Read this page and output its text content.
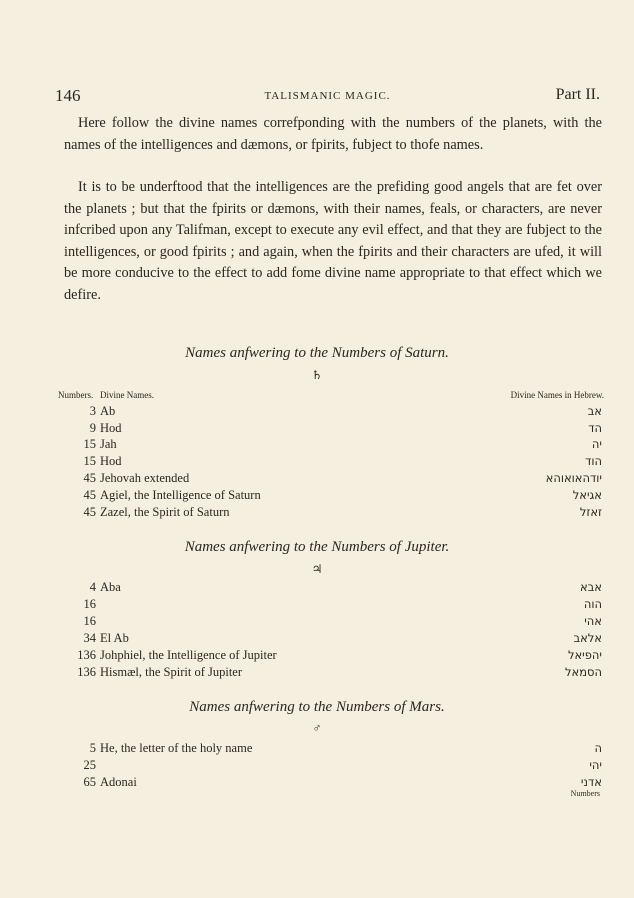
146	TALISMANIC MAGIC.	Part II.

Here follow the divine names correfponding with the numbers of the planets, with the names of the intelligences and dæmons, or fpirits, fubject to thofe names.

It is to be underftood that the intelligences are the prefiding good angels that are fet over the planets ; but that the fpirits or dæmons, with their names, feals, or characters, are never infcribed upon any Talifman, except to execute any evil effect, and that they are fubject to the intelligences, or good fpirits ; and again, when the fpirits and their characters are ufed, it will be more conducive to the effect to add fome divine name appropriate to that effect which we defire.

Names anfwering to the Numbers of Saturn.
♄
Numbers. Divine Names.	Divine Names in Hebrew.
3 Ab	אב
9 Hod	הד
15 Jah	יה
15 Hod	הוד
45 Jehovah extended	יודהאואוהא
45 Agiel, the Intelligence of Saturn	אגיאל
45 Zazel, the Spirit of Saturn	זאזל
Names anfwering to the Numbers of Jupiter.
♃
4 Aba	אבא
16	הוה
16	אהי
34 El Ab	אלאב
136 Johphiel, the Intelligence of Jupiter	יהפיאל
136 Hismæl, the Spirit of Jupiter	הסמאל
Names anfwering to the Numbers of Mars.
♂
5 He, the letter of the holy name	ה
25	יהי
65 Adonai	אדני
Numbers
